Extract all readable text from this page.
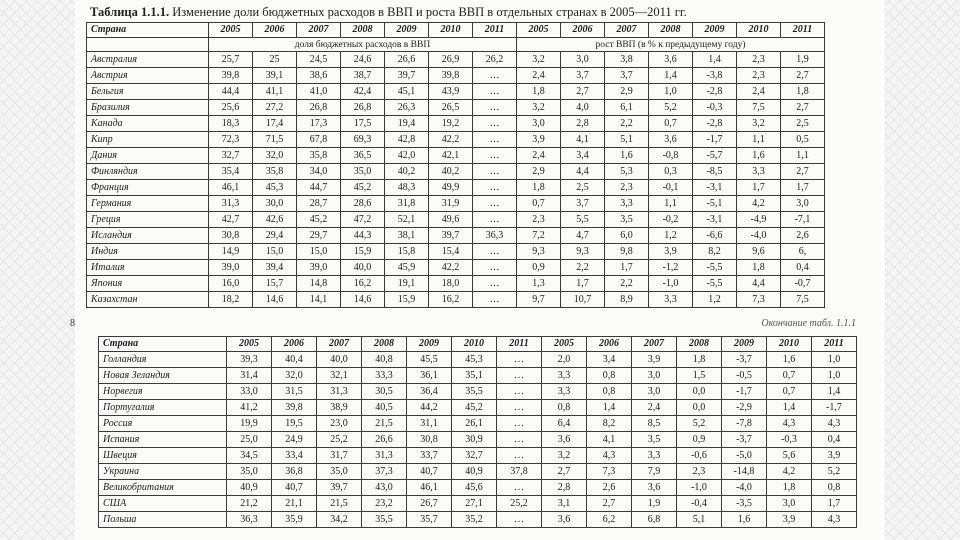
Таблица 1.1.1. Изменение доли бюджетных расходов в ВВП и роста ВВП в отдельных странах в 2005—2011 гг.
Страна	2005	2006	2007	2008	2009	2010	2011	2005	2006	2007	2008	2009	2010	2011
	доля бюджетных расходов в ВВП							рост ВВП (в % к предыдущему году)						
Австралия	25,7	25	24,5	24,6	26,6	26,9	26,2	3,2	3,0	3,8	3,6	1,4	2,3	1,9
Австрия	39,8	39,1	38,6	38,7	39,7	39,8	…	2,4	3,7	3,7	1,4	-3,8	2,3	2,7
Бельгия	44,4	41,1	41,0	42,4	45,1	43,9	…	1,8	2,7	2,9	1,0	-2,8	2,4	1,8
Бразилия	25,6	27,2	26,8	26,8	26,3	26,5	…	3,2	4,0	6,1	5,2	-0,3	7,5	2,7
Канада	18,3	17,4	17,3	17,5	19,4	19,2	…	3,0	2,8	2,2	0,7	-2,8	3,2	2,5
Кипр	72,3	71,5	67,8	69,3	42,8	42,2	…	3,9	4,1	5,1	3,6	-1,7	1,1	0,5
Дания	32,7	32,0	35,8	36,5	42,0	42,1	…	2,4	3,4	1,6	-0,8	-5,7	1,6	1,1
Финляндия	35,4	35,8	34,0	35,0	40,2	40,2	…	2,9	4,4	5,3	0,3	-8,5	3,3	2,7
Франция	46,1	45,3	44,7	45,2	48,3	49,9	…	1,8	2,5	2,3	-0,1	-3,1	1,7	1,7
Германия	31,3	30,0	28,7	28,6	31,8	31,9	…	0,7	3,7	3,3	1,1	-5,1	4,2	3,0
Греция	42,7	42,6	45,2	47,2	52,1	49,6	…	2,3	5,5	3,5	-0,2	-3,1	-4,9	-7,1
Исландия	30,8	29,4	29,7	44,3	38,1	39,7	36,3	7,2	4,7	6,0	1,2	-6,6	-4,0	2,6
Индия	14,9	15,0	15,0	15,9	15,8	15,4	…	9,3	9,3	9,8	3,9	8,2	9,6	6,
Италия	39,0	39,4	39,0	40,0	45,9	42,2	…	0,9	2,2	1,7	-1,2	-5,5	1,8	0,4
Япония	16,0	15,7	14,8	16,2	19,1	18,0	…	1,3	1,7	2,2	-1,0	-5,5	4,4	-0,7
Казахстан	18,2	14,6	14,1	14,6	15,9	16,2	…	9,7	10,7	8,9	3,3	1,2	7,3	7,5
8	Окончание табл. 1.1.1
Страна	2005	2006	2007	2008	2009	2010	2011	2005	2006	2007	2008	2009	2010	2011
Голландия	39,3	40,4	40,0	40,8	45,5	45,3	…	2,0	3,4	3,9	1,8	-3,7	1,6	1,0
Новая Зеландия	31,4	32,0	32,1	33,3	36,1	35,1	…	3,3	0,8	3,0	1,5	-0,5	0,7	1,0
Норвегия	33,0	31,5	31,3	30,5	36,4	35,5	…	3,3	0,8	3,0	0,0	-1,7	0,7	1,4
Португалия	41,2	39,8	38,9	40,5	44,2	45,2	…	0,8	1,4	2,4	0,0	-2,9	1,4	-1,7
Россия	19,9	19,5	23,0	21,5	31,1	26,1	…	6,4	8,2	8,5	5,2	-7,8	4,3	4,3
Испания	25,0	24,9	25,2	26,6	30,8	30,9	…	3,6	4,1	3,5	0,9	-3,7	-0,3	0,4
Швеция	34,5	33,4	31,7	31,3	33,7	32,7	…	3,2	4,3	3,3	-0,6	-5,0	5,6	3,9
Украина	35,0	36,8	35,0	37,3	40,7	40,9	37,8	2,7	7,3	7,9	2,3	-14,8	4,2	5,2
Великобритания	40,9	40,7	39,7	43,0	46,1	45,6	…	2,8	2,6	3,6	-1,0	-4,0	1,8	0,8
США	21,2	21,1	21,5	23,2	26,7	27,1	25,2	3,1	2,7	1,9	-0,4	-3,5	3,0	1,7
Польша	36,3	35,9	34,2	35,5	35,7	35,2	…	3,6	6,2	6,8	5,1	1,6	3,9	4,3
